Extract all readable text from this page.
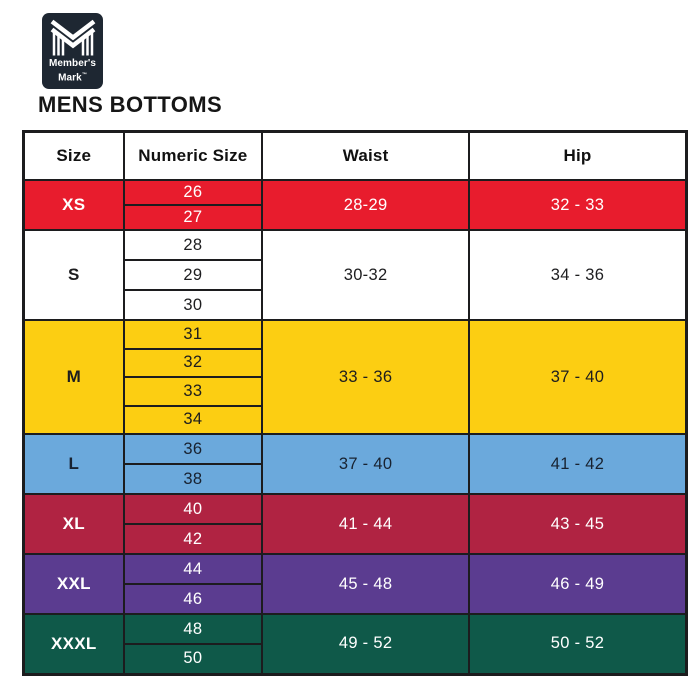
Member's
Mark™
MENS BOTTOMS
Size	Numeric Size	Waist	Hip
XS	26	28-29	32 - 33
	27		
S	28	30-32	34 - 36
	29		
	30		
M	31	33 - 36	37 - 40
	32		
	33		
	34		
L	36	37 - 40	41 - 42
	38		
XL	40	41 - 44	43 - 45
	42		
XXL	44	45 - 48	46 - 49
	46		
XXXL	48	49 - 52	50 - 52
	50		
